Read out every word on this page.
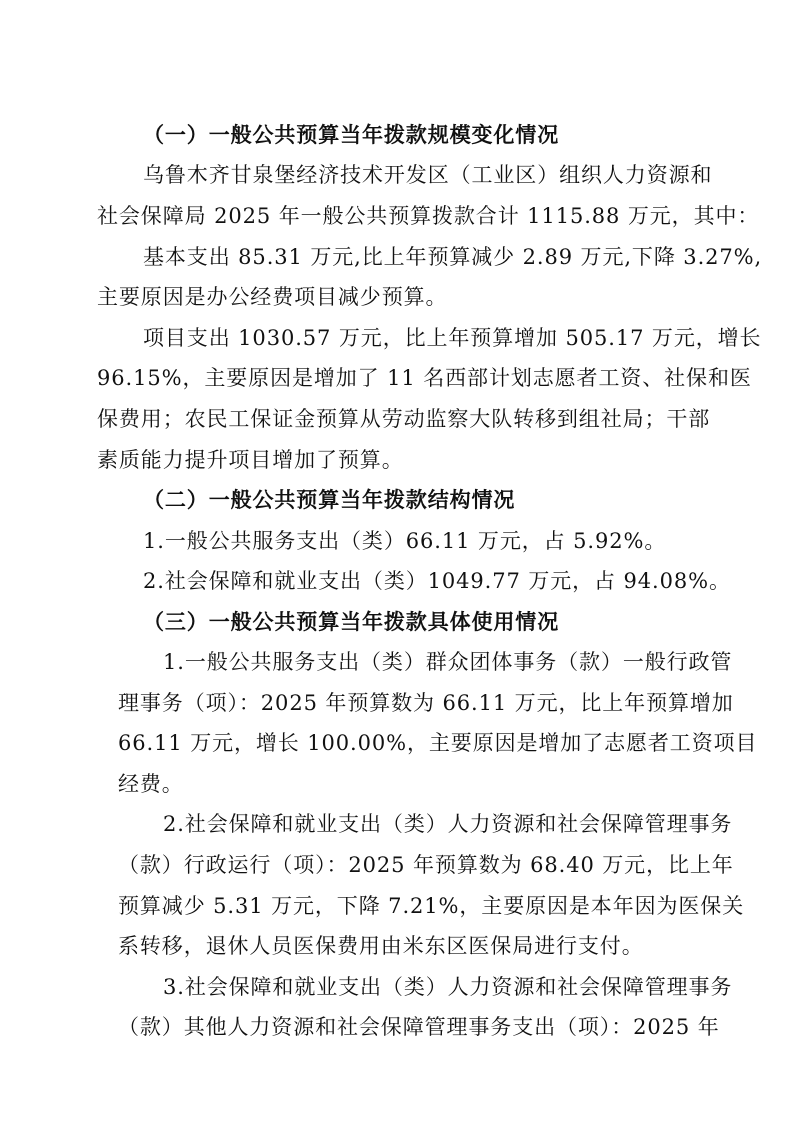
（一）一般公共预算当年拨款规模变化情况
乌鲁木齐甘泉堡经济技术开发区（工业区）组织人力资源和
社会保障局 2025 年一般公共预算拨款合计 1115.88 万元，其中：
基本支出 85.31 万元,比上年预算减少 2.89 万元,下降 3.27%,
主要原因是办公经费项目减少预算。
项目支出 1030.57 万元，比上年预算增加 505.17 万元，增长
96.15%，主要原因是增加了 11 名西部计划志愿者工资、社保和医
保费用；农民工保证金预算从劳动监察大队转移到组社局；干部
素质能力提升项目增加了预算。
（二）一般公共预算当年拨款结构情况
1.一般公共服务支出（类）66.11 万元，占 5.92%。
2.社会保障和就业支出（类）1049.77 万元，占 94.08%。
（三）一般公共预算当年拨款具体使用情况
1.一般公共服务支出（类）群众团体事务（款）一般行政管
理事务（项）：2025 年预算数为 66.11 万元，比上年预算增加
66.11 万元，增长 100.00%，主要原因是增加了志愿者工资项目
经费。
2.社会保障和就业支出（类）人力资源和社会保障管理事务
（款）行政运行（项）：2025 年预算数为 68.40 万元，比上年
预算减少 5.31 万元，下降 7.21%，主要原因是本年因为医保关
系转移，退休人员医保费用由米东区医保局进行支付。
3.社会保障和就业支出（类）人力资源和社会保障管理事务
（款）其他人力资源和社会保障管理事务支出（项）：2025 年
